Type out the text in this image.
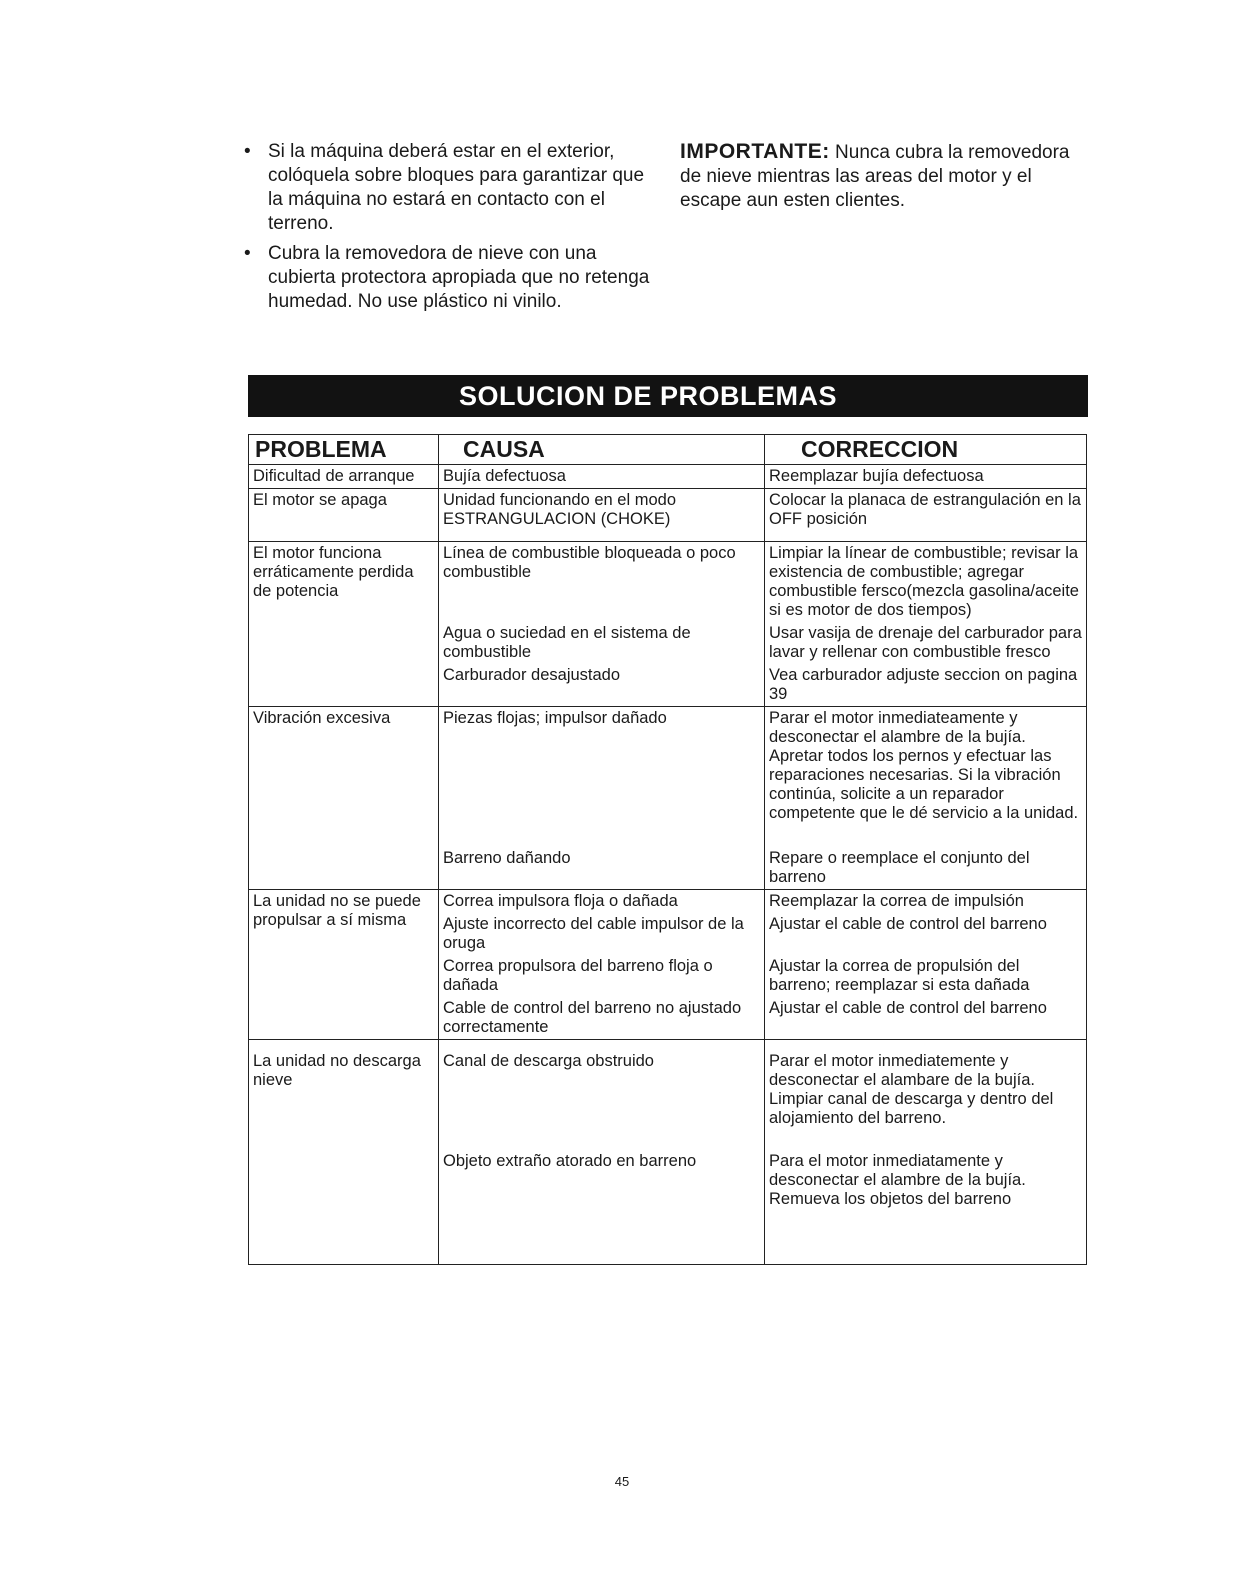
• Si la máquina deberá estar en el exterior, colóquela sobre bloques para garantizar que la máquina no estará en contacto con el terreno.
• Cubra la removedora de nieve con una cubierta protectora apropiada que no retenga humedad. No use plástico ni vinilo.
IMPORTANTE: Nunca cubra la removedora de nieve mientras las areas del motor y el escape aun esten clientes.
SOLUCION DE PROBLEMAS
PROBLEMA	CAUSA	CORRECCION
Dificultad de arranque	Bujía defectuosa	Reemplazar bujía defectuosa
El motor se apaga	Unidad funcionando en el modo ESTRANGULACION (CHOKE)	Colocar la planaca de estrangulación en la OFF posición
El motor funciona erráticamente perdida de potencia	Línea de combustible bloqueada o poco combustible	Limpiar la línear de combustible; revisar la existencia de combustible; agregar combustible fersco(mezcla gasolina/aceite si es motor de dos tiempos)
	Agua o suciedad en el sistema de combustible	Usar vasija de drenaje del carburador para lavar y rellenar con combustible fresco
	Carburador desajustado	Vea carburador adjuste seccion on pagina 39
Vibración excesiva	Piezas flojas; impulsor dañado	Parar el motor inmediateamente y desconectar el alambre de la bujía. Apretar todos los pernos y efectuar las reparaciones necesarias. Si la vibración continúa, solicite a un reparador competente que le dé servicio a la unidad.
	Barreno dañando	Repare o reemplace el conjunto del barreno
La unidad no se puede propulsar a sí misma	Correa impulsora floja o dañada	Reemplazar la correa de impulsión
	Ajuste incorrecto del cable impulsor de la oruga	Ajustar el cable de control del barreno
	Correa propulsora del barreno floja o dañada	Ajustar la correa de propulsión del barreno; reemplazar si esta dañada
	Cable de control del barreno no ajustado correctamente	Ajustar el cable de control del barreno
La unidad no descarga nieve	Canal de descarga obstruido	Parar el motor inmediatemente y desconectar el alambare de la bujía. Limpiar canal de descarga y dentro del alojamiento del barreno.
	Objeto extraño atorado en barreno	Para el motor inmediatamente y desconectar el alambre de la bujía. Remueva los objetos del barreno
45
